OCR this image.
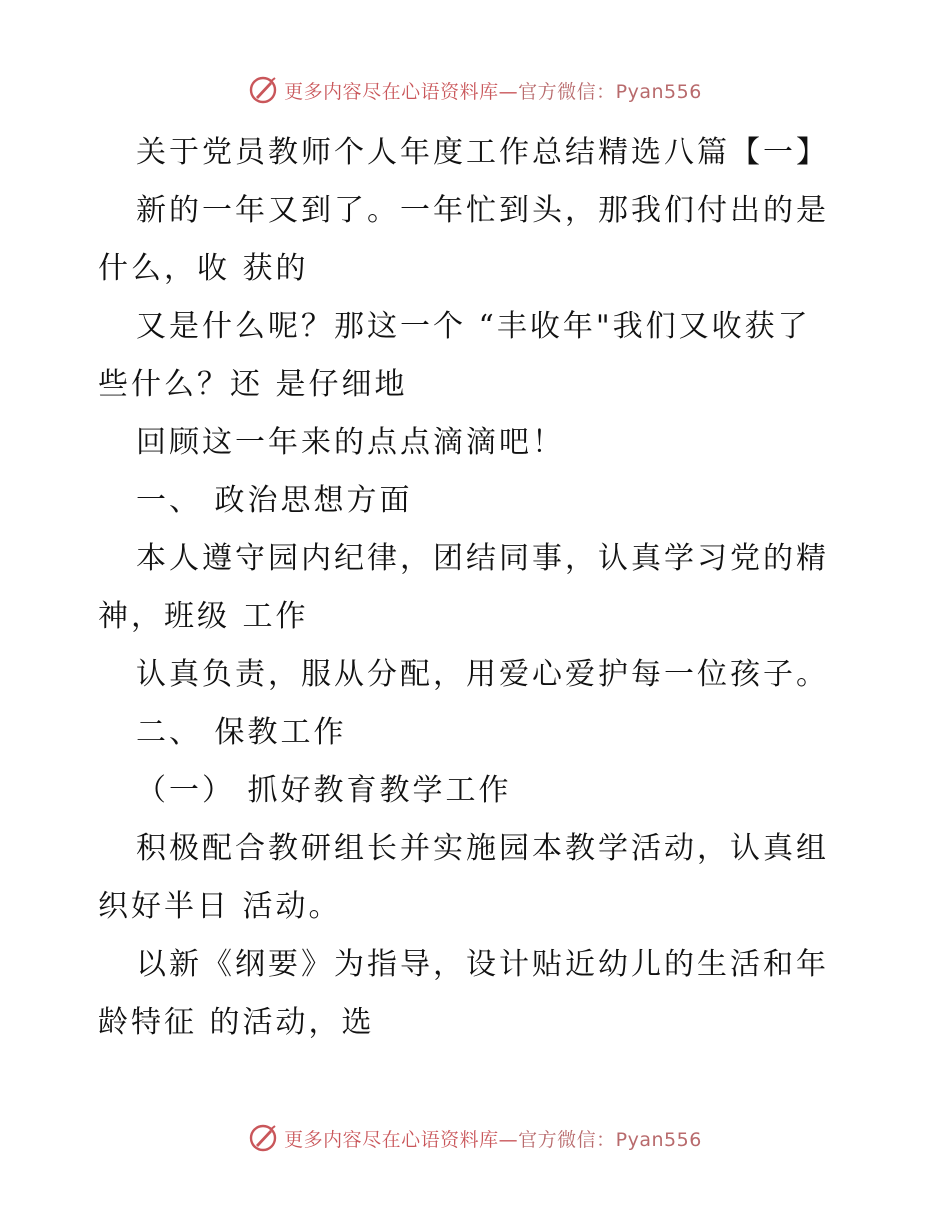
更多内容尽在心语资料库—官方微信：Pyan556

关于党员教师个人年度工作总结精选八篇【一】

新的一年又到了。一年忙到头，那我们付出的是

什么，收 获的

又是什么呢？那这一个 “丰收年"我们又收获了

些什么？还 是仔细地

回顾这一年来的点点滴滴吧！

一、 政治思想方面

本人遵守园内纪律，团结同事，认真学习党的精

神，班级 工作

认真负责，服从分配，用爱心爱护每一位孩子。

二、 保教工作

（一） 抓好教育教学工作

积极配合教研组长并实施园本教学活动，认真组

织好半日 活动。

以新《纲要》为指导，设计贴近幼儿的生活和年

龄特征 的活动，选

更多内容尽在心语资料库—官方微信：Pyan556
